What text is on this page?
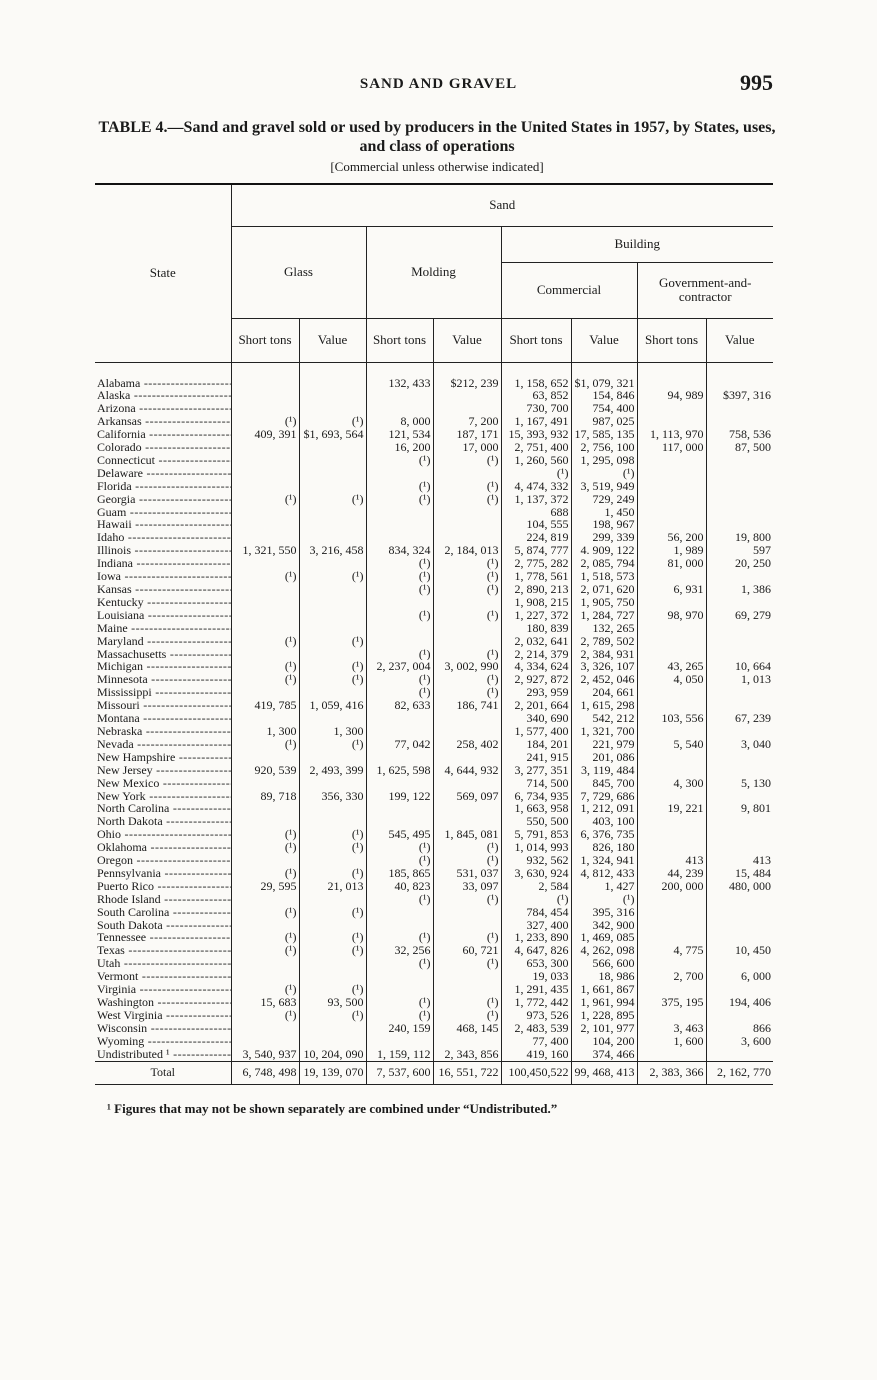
SAND AND GRAVEL	995
TABLE 4.—Sand and gravel sold or used by producers in the United States in 1957, by States, uses, and class of operations
[Commercial unless otherwise indicated]
State	Sand							
	Glass		Molding		Building			
					Commercial		Government-and-contractor	
	Short tons	Value	Short tons	Value	Short tons	Value	Short tons	Value

Alabama -----			132, 433	$212, 239	1, 158, 652	$1, 079, 321		
Alaska -----					63, 852	154, 846	94, 989	$397, 316
Arizona -----					730, 700	754, 400		
Arkansas -----	(¹)	(¹)	8, 000	7, 200	1, 167, 491	987, 025		
California -----	409, 391	$1, 693, 564	121, 534	187, 171	15, 393, 932	17, 585, 135	1, 113, 970	758, 536
Colorado -----			16, 200	17, 000	2, 751, 400	2, 756, 100	117, 000	87, 500
Connecticut -----			(¹)	(¹)	1, 260, 560	1, 295, 098		
Delaware -----					(¹)	(¹)		
Florida -----			(¹)	(¹)	4, 474, 332	3, 519, 949		
Georgia -----	(¹)	(¹)	(¹)	(¹)	1, 137, 372	729, 249		
Guam -----					688	1, 450		
Hawaii -----					104, 555	198, 967		
Idaho -----					224, 819	299, 339	56, 200	19, 800
Illinois -----	1, 321, 550	3, 216, 458	834, 324	2, 184, 013	5, 874, 777	4. 909, 122	1, 989	597
Indiana -----			(¹)	(¹)	2, 775, 282	2, 085, 794	81, 000	20, 250
Iowa -----	(¹)	(¹)	(¹)	(¹)	1, 778, 561	1, 518, 573		
Kansas -----			(¹)	(¹)	2, 890, 213	2, 071, 620	6, 931	1, 386
Kentucky -----					1, 908, 215	1, 905, 750		
Louisiana -----			(¹)	(¹)	1, 227, 372	1, 284, 727	98, 970	69, 279
Maine -----					180, 839	132, 265		
Maryland -----	(¹)	(¹)			2, 032, 641	2, 789, 502		
Massachusetts -----			(¹)	(¹)	2, 214, 379	2, 384, 931		
Michigan -----	(¹)	(¹)	2, 237, 004	3, 002, 990	4, 334, 624	3, 326, 107	43, 265	10, 664
Minnesota -----	(¹)	(¹)	(¹)	(¹)	2, 927, 872	2, 452, 046	4, 050	1, 013
Mississippi -----			(¹)	(¹)	293, 959	204, 661		
Missouri -----	419, 785	1, 059, 416	82, 633	186, 741	2, 201, 664	1, 615, 298		
Montana -----					340, 690	542, 212	103, 556	67, 239
Nebraska -----	1, 300	1, 300			1, 577, 400	1, 321, 700		
Nevada -----	(¹)	(¹)	77, 042	258, 402	184, 201	221, 979	5, 540	3, 040
New Hampshire -----					241, 915	201, 086		
New Jersey -----	920, 539	2, 493, 399	1, 625, 598	4, 644, 932	3, 277, 351	3, 119, 484		
New Mexico -----					714, 500	845, 700	4, 300	5, 130
New York -----	89, 718	356, 330	199, 122	569, 097	6, 734, 935	7, 729, 686		
North Carolina -----					1, 663, 958	1, 212, 091	19, 221	9, 801
North Dakota -----					550, 500	403, 100		
Ohio -----	(¹)	(¹)	545, 495	1, 845, 081	5, 791, 853	6, 376, 735		
Oklahoma -----	(¹)	(¹)	(¹)	(¹)	1, 014, 993	826, 180		
Oregon -----			(¹)	(¹)	932, 562	1, 324, 941	413	413
Pennsylvania -----	(¹)	(¹)	185, 865	531, 037	3, 630, 924	4, 812, 433	44, 239	15, 484
Puerto Rico -----	29, 595	21, 013	40, 823	33, 097	2, 584	1, 427	200, 000	480, 000
Rhode Island -----			(¹)	(¹)	(¹)	(¹)		
South Carolina -----	(¹)	(¹)			784, 454	395, 316		
South Dakota -----					327, 400	342, 900		
Tennessee -----	(¹)	(¹)	(¹)	(¹)	1, 233, 890	1, 469, 085		
Texas -----	(¹)	(¹)	32, 256	60, 721	4, 647, 826	4, 262, 098	4, 775	10, 450
Utah -----			(¹)	(¹)	653, 300	566, 600		
Vermont -----					19, 033	18, 986	2, 700	6, 000
Virginia -----	(¹)	(¹)			1, 291, 435	1, 661, 867		
Washington -----	15, 683	93, 500	(¹)	(¹)	1, 772, 442	1, 961, 994	375, 195	194, 406
West Virginia -----	(¹)	(¹)	(¹)	(¹)	973, 526	1, 228, 895		
Wisconsin -----			240, 159	468, 145	2, 483, 539	2, 101, 977	3, 463	866
Wyoming -----					77, 400	104, 200	1, 600	3, 600
Undistributed ¹ -----	3, 540, 937	10, 204, 090	1, 159, 112	2, 343, 856	419, 160	374, 466		
Total	6, 748, 498	19, 139, 070	7, 537, 600	16, 551, 722	100,450,522	99, 468, 413	2, 383, 366	2, 162, 770
¹ Figures that may not be shown separately are combined under “Undistributed.”
